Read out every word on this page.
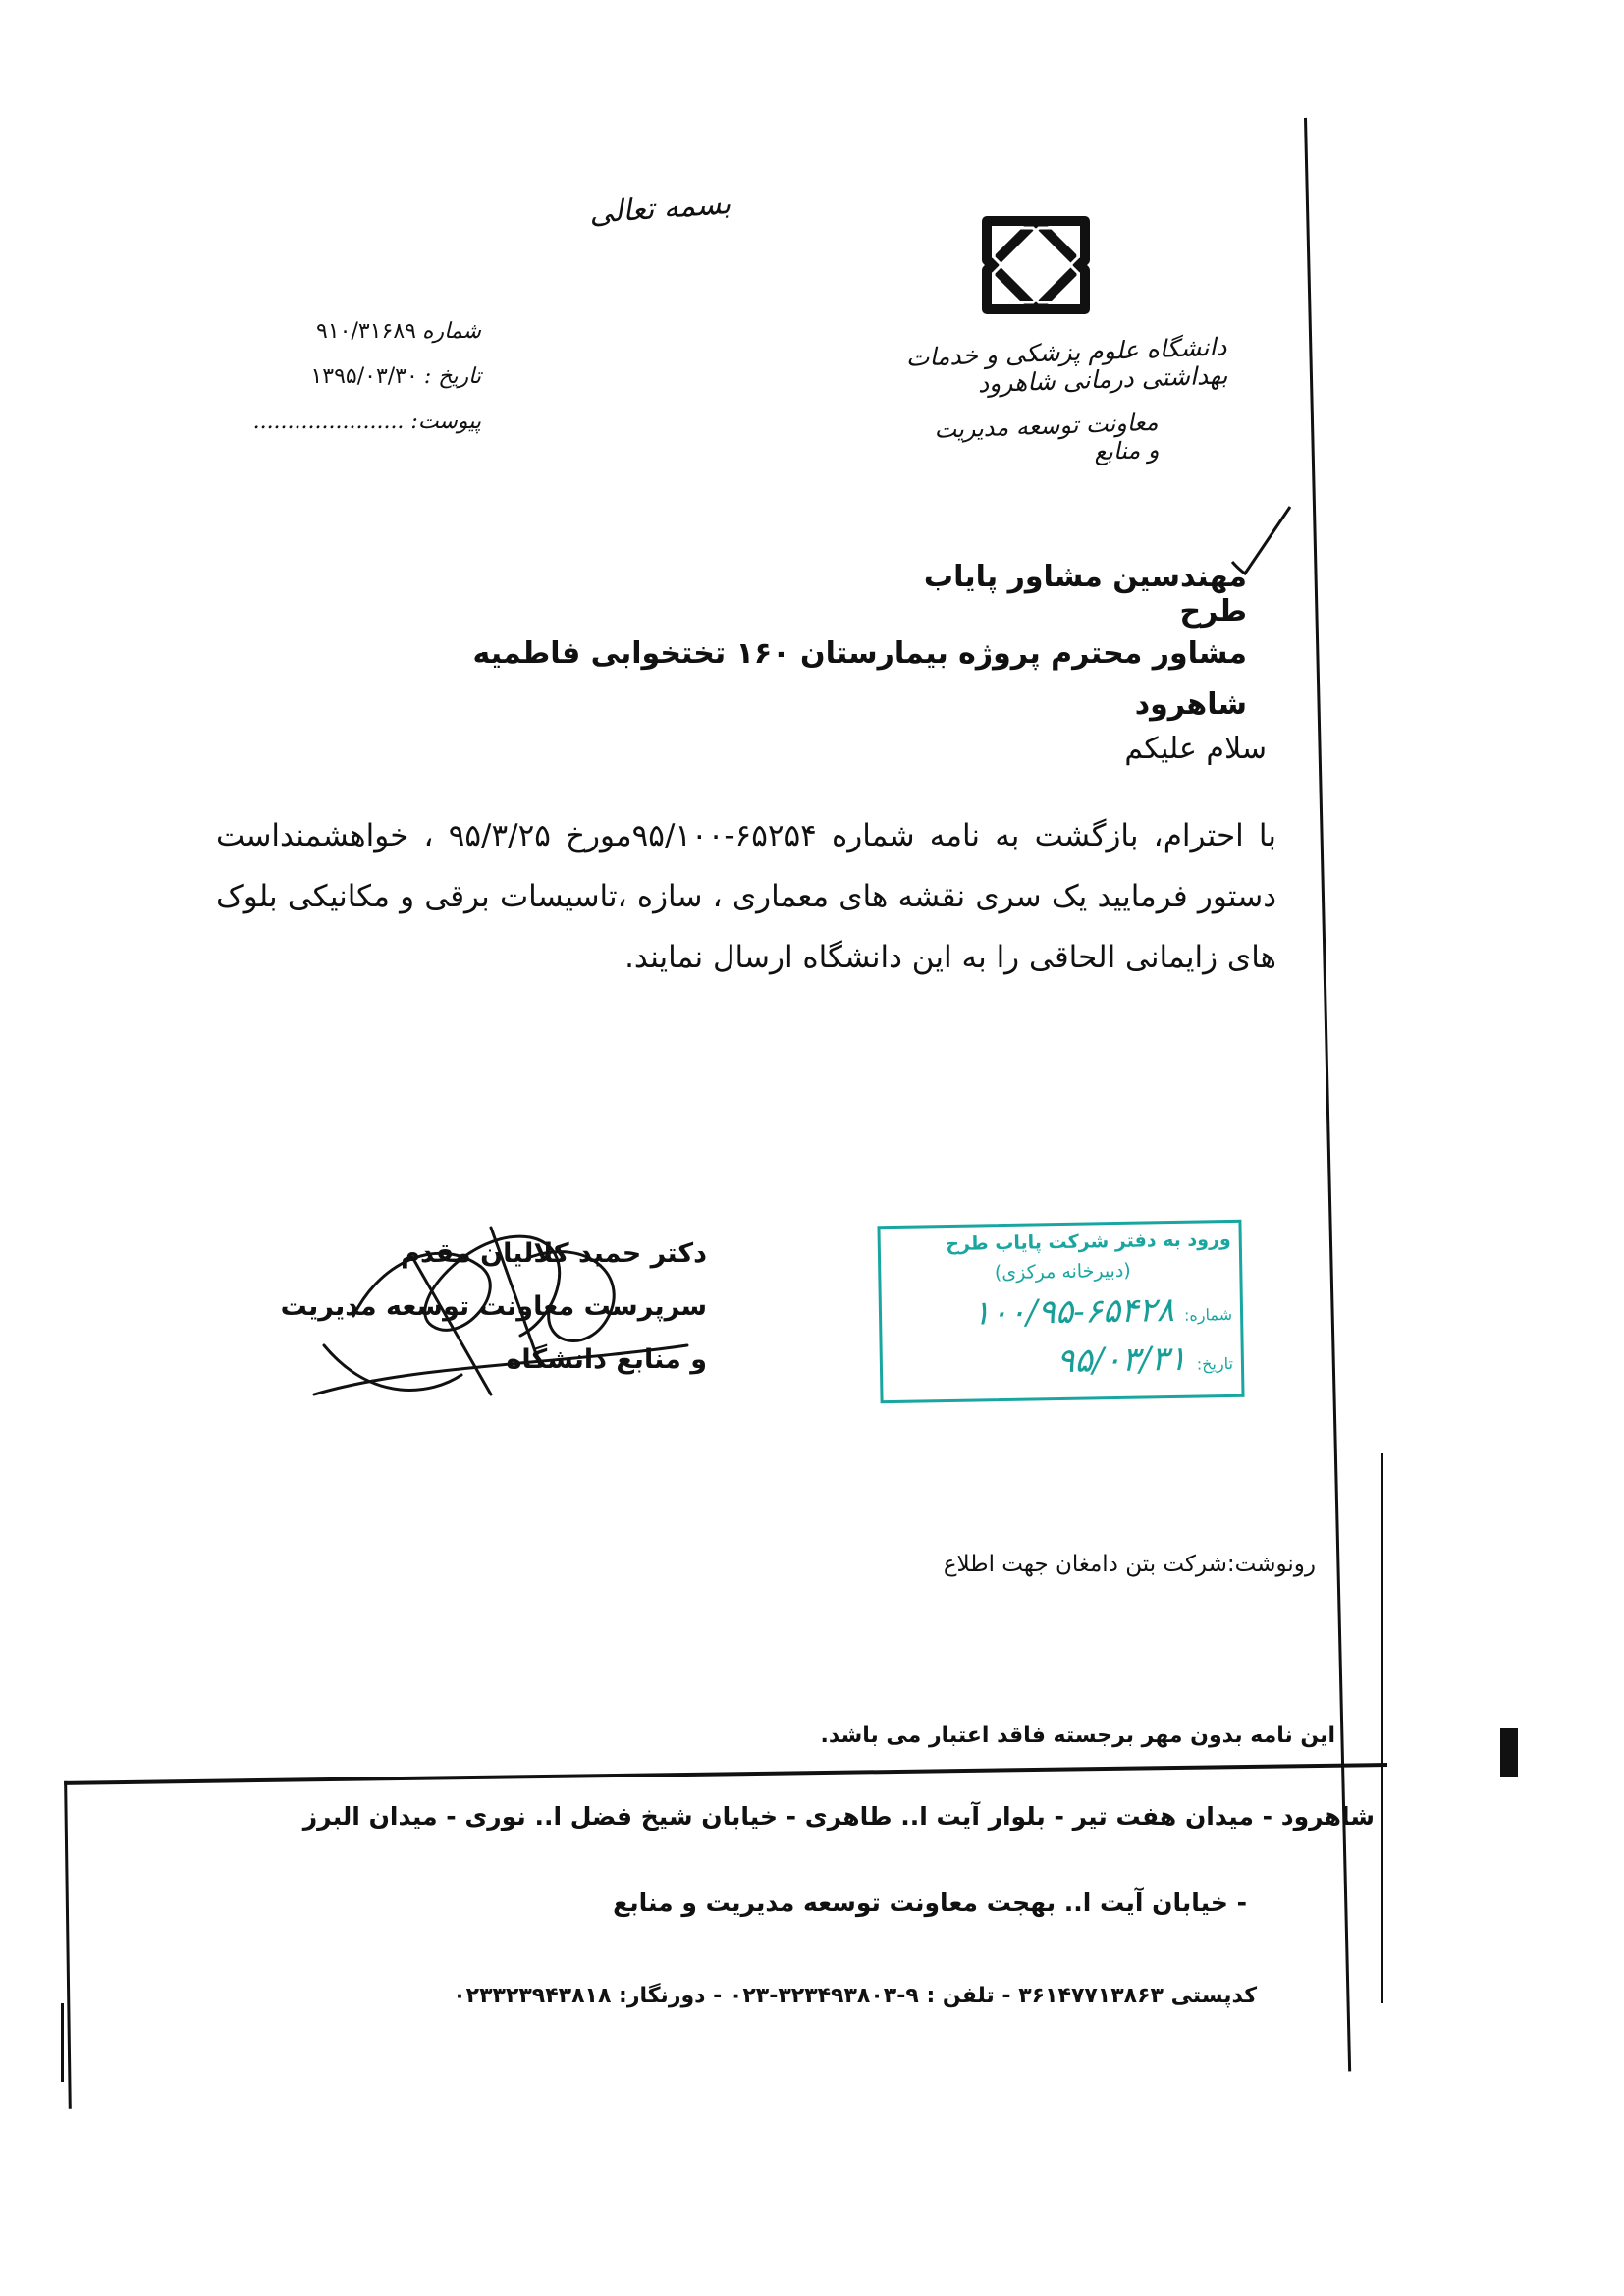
بسمه تعالی
دانشگاه علوم پزشکی و خدمات بهداشتی درمانی شاهرود
معاونت توسعه مدیریت و منابع
شماره
۹۱۰/۳۱۶۸۹
تاریخ :
۱۳۹۵/۰۳/۳۰
پیوست: ......................
مهندسین مشاور پایاب طرح
مشاور محترم پروژه بیمارستان ۱۶۰ تختخوابی فاطمیه شاهرود
سلام علیکم
با احترام، بازگشت به نامه شماره ۶۵۲۵۴-۹۵/۱۰۰مورخ ۹۵/۳/۲۵ ، خواهشمنداست دستور فرمایید یک سری نقشه های معماری ، سازه ،تاسیسات برقی و مکانیکی بلوک های زایمانی الحاقی را به این دانشگاه ارسال نمایند.
دکتر حمید کلالیان مقدم
سرپرست معاونت توسعه مدیریت
و منابع دانشگاه
ورود به دفتر شرکت پایاب طرح
(دبیرخانه مرکزی)
شماره:
۱۰۰/۹۵-۶۵۴۲۸
تاریخ:
۹۵/۰۳/۳۱
رونوشت:شرکت بتن دامغان جهت اطلاع
این نامه بدون مهر برجسته فاقد اعتبار می باشد.
شاهرود - میدان هفت تیر - بلوار آیت ا.. طاهری - خیابان شیخ فضل ا.. نوری - میدان البرز
- خیابان آیت ا.. بهجت معاونت توسعه مدیریت و منابع
کدپستی ۳۶۱۴۷۷۱۳۸۶۳ - تلفن : ۹-۳۲۳۴۹۳۸۰۳-۰۲۳ - دورنگار: ۰۲۳۳۲۳۹۴۳۸۱۸
